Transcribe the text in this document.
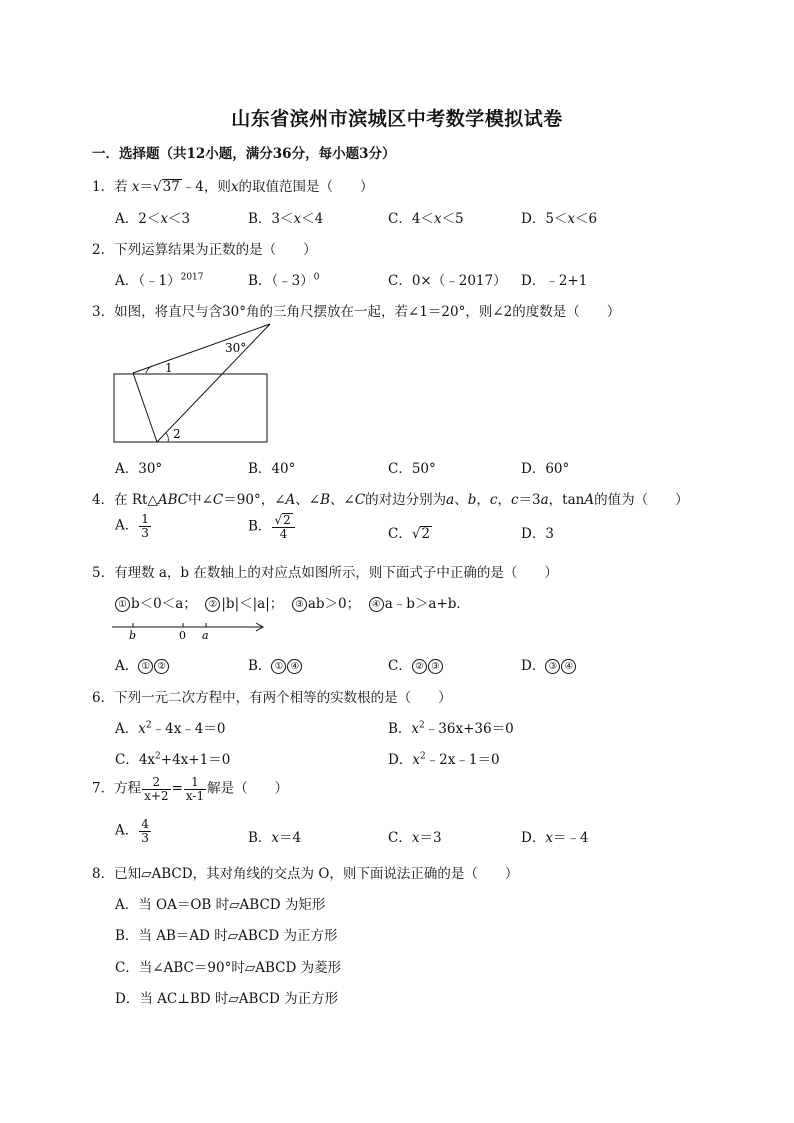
山东省滨州市滨城区中考数学模拟试卷
一．选择题（共12小题，满分36分，每小题3分）
1．若 x＝√37 ﹣4，则x的取值范围是（　　）
A．2＜x＜3	B．3＜x＜4	C．4＜x＜5	D．5＜x＜6
2．下列运算结果为正数的是（　　）
A．（﹣1）$^{2017}$	B．（﹣3）$^0$	C．0×（﹣2017） D．﹣2+1
3．如图，将直尺与含30°角的三角尺摆放在一起，若∠1＝20°，则∠2的度数是（　　）
1
30°
2
A．30°	B．40°	C．50°	D．60°
4．在 Rt△ABC中∠C＝90°，∠A、∠B、∠C的对边分别为a、b，c，c＝3a，tanA的值为（　　）
A． $\frac{1}{3}$	B． $\frac{√2}{4}$	C．√2	D．3
5．有理数 a，b 在数轴上的对应点如图所示，则下面式子中正确的是（　　）
① b＜0＜a； ② |b|＜|a|； ③ ab＞0； ④ a﹣b＞a+b．
b	0 a
A． ① ②	B． ① ④	C． ② ③	D． ③ ④
6．下列一元二次方程中，有两个相等的实数根的是（　　）
A．$x^2﹣4x﹣4=0$	B．$x^2﹣36x+36=0$
C．$4x^2+4x+1=0$	D．$x^2﹣2x﹣1=0$
7．方程 $\frac{2}{x+2} = \frac{1}{x-1}$ 解是（　　）
A． $\frac{4}{3}$	B．x＝4	C．x＝3	D．x＝﹣4
8．已知▱ABCD，其对角线的交点为 O，则下面说法正确的是（　　）
A．当 OA＝OB 时▱ABCD 为矩形
B．当 AB＝AD 时▱ABCD 为正方形
C．当∠ABC＝90°时▱ABCD 为菱形
D．当 AC⊥BD 时▱ABCD 为正方形
